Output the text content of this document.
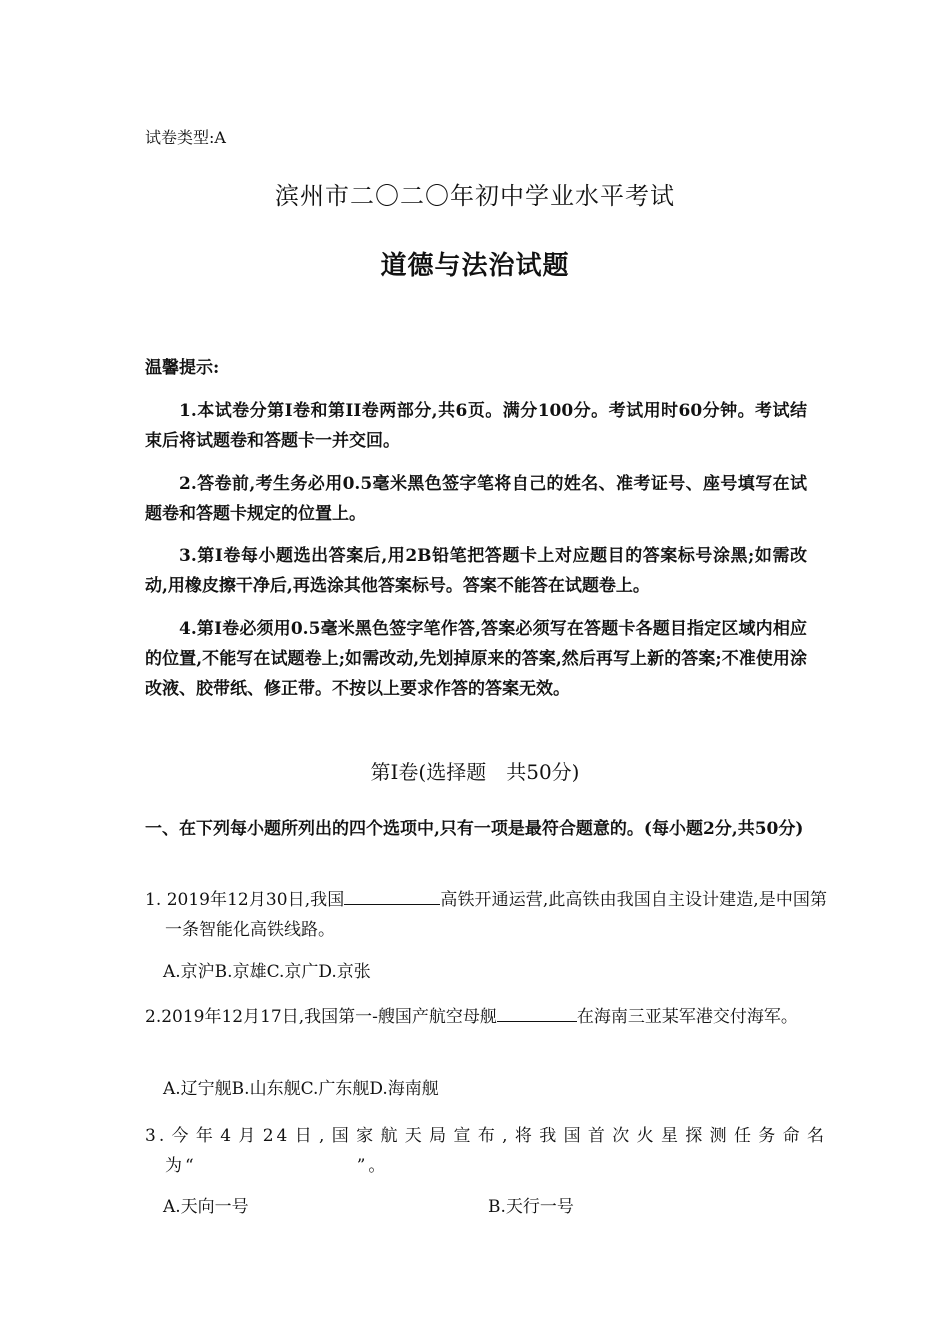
试卷类型:A

滨州市二〇二〇年初中学业水平考试

道德与法治试题

温馨提示:

1.本试卷分第Ⅰ卷和第II卷两部分,共6页。满分100分。考试用时60分钟。考试结束后将试题卷和答题卡一并交回。

2.答卷前,考生务必用0.5毫米黑色签字笔将自己的姓名、准考证号、座号填写在试题卷和答题卡规定的位置上。

3.第Ⅰ卷每小题选出答案后,用2B铅笔把答题卡上对应题目的答案标号涂黑;如需改动,用橡皮擦干净后,再选涂其他答案标号。答案不能答在试题卷上。

4.第Ⅰ卷必须用0.5毫米黑色签字笔作答,答案必须写在答题卡各题目指定区域内相应的位置,不能写在试题卷上;如需改动,先划掉原来的答案,然后再写上新的答案;不准使用涂改液、胶带纸、修正带。不按以上要求作答的答案无效。

第Ⅰ卷(选择题　共50分)

一、在下列每小题所列出的四个选项中,只有一项是最符合题意的。(每小题2分,共50分)

1. 2019年12月30日,我国	高铁开通运营,此高铁由我国自主设计建造,是中国第一条智能化高铁线路。

A.京沪B.京雄C.京广D.京张

2.2019年12月17日,我国第一-艘国产航空母舰	在海南三亚某军港交付海军。

A.辽宁舰B.山东舰C.广东舰D.海南舰

3.今年4月24日,国家航天局宣布,将我国首次火星探测任务命名为“　　　　　　　　”。

A.天向一号	B.天行一号
